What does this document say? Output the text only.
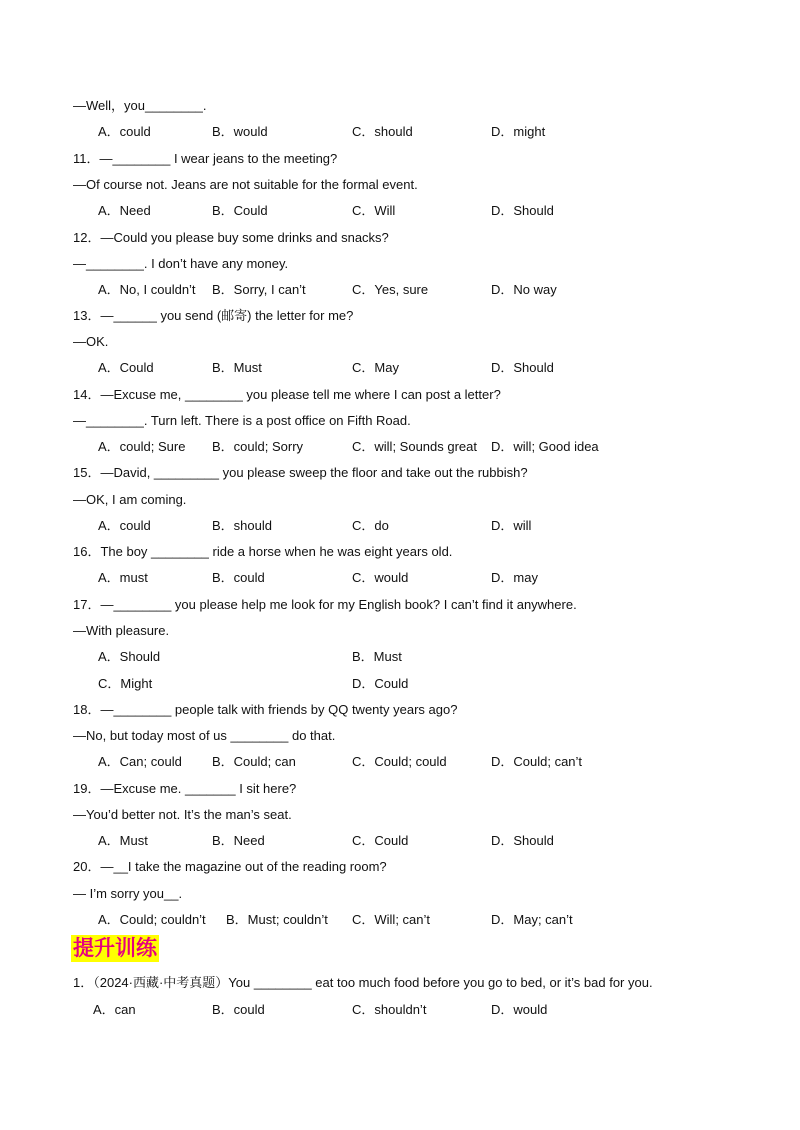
—Well，you________.
A．could	B．would	C．should	D．might
11．—________ I wear jeans to the meeting?
—Of course not. Jeans are not suitable for the formal event.
A．Need	B．Could	C．Will	D．Should
12．—Could you please buy some drinks and snacks?
—________. I don’t have any money.
A．No, I couldn’t B．Sorry, I can’t	C．Yes, sure	D．No way
13．—______ you send (邮寄) the letter for me?
—OK.
A．Could	B．Must	C．May	D．Should
14．—Excuse me, ________ you please tell me where I can post a letter?
—________. Turn left. There is a post office on Fifth Road.
A．could; Sure B．could; Sorry	C．will; Sounds great D．will; Good idea
15．—David, _________ you please sweep the floor and take out the rubbish?
—OK, I am coming.
A．could	B．should	C．do	D．will
16．The boy ________ ride a horse when he was eight years old.
A．must	B．could	C．would	D．may
17．—________ you please help me look for my English book? I can’t find it anywhere.
—With pleasure.
A．Should	B．Must
C．Might	D．Could
18．—________ people talk with friends by QQ twenty years ago?
—No, but today most of us ________ do that.
A．Can; could B．Could; can	C．Could; could	D．Could; can’t
19．—Excuse me. _______ I sit here?
—You’d better not. It’s the man’s seat.
A．Must	B．Need	C．Could	D．Should
20．—__I take the magazine out of the reading room?
— I’m sorry you__.
A．Could; couldn’t B．Must; couldn’t C．Will; can’t	D．May; can’t
提升训练
1．（2024·西藏·中考真题）You ________ eat too much food before you go to bed, or it’s bad for you.
A．can	B．could	C．shouldn’t	D．would
